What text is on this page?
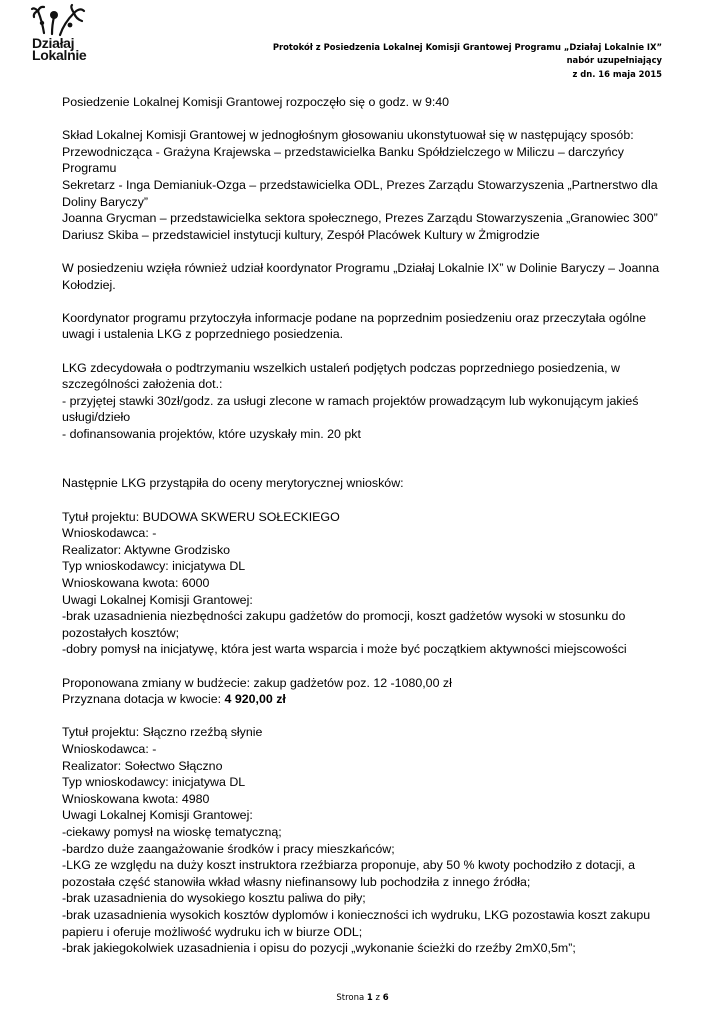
Działaj
Lokalnie	Protokół z Posiedzenia Lokalnej Komisji Grantowej Programu „Działaj Lokalnie IX”
nabór uzupełniający
z dn. 16 maja 2015

Posiedzenie Lokalnej Komisji Grantowej rozpoczęło się o godz. w 9:40

Skład Lokalnej Komisji Grantowej w jednogłośnym głosowaniu ukonstytuował się w następujący sposób:

Przewodnicząca - Grażyna Krajewska – przedstawicielka Banku Spółdzielczego w Miliczu – darczyńcy

Programu

Sekretarz - Inga Demianiuk-Ozga – przedstawicielka ODL, Prezes Zarządu Stowarzyszenia „Partnerstwo dla

Doliny Baryczy”

Joanna Grycman – przedstawicielka sektora społecznego, Prezes Zarządu Stowarzyszenia „Granowiec 300”

Dariusz Skiba – przedstawiciel instytucji kultury, Zespół Placówek Kultury w Żmigrodzie

W posiedzeniu wzięła również udział koordynator Programu „Działaj Lokalnie IX” w Dolinie Baryczy – Joanna

Kołodziej.

Koordynator programu przytoczyła informacje podane na poprzednim posiedzeniu oraz przeczytała ogólne

uwagi i ustalenia LKG z poprzedniego posiedzenia.

LKG zdecydowała o podtrzymaniu wszelkich ustaleń podjętych podczas poprzedniego posiedzenia, w

szczególności założenia dot.:

- przyjętej stawki 30zł/godz. za usługi zlecone w ramach projektów prowadzącym lub wykonującym jakieś

usługi/dzieło

- dofinansowania projektów, które uzyskały min. 20 pkt

Następnie LKG przystąpiła do oceny merytorycznej wniosków:

Tytuł projektu: BUDOWA SKWERU SOŁECKIEGO

Wnioskodawca: -

Realizator: Aktywne Grodzisko

Typ wnioskodawcy: inicjatywa DL

Wnioskowana kwota: 6000

Uwagi Lokalnej Komisji Grantowej:

-brak uzasadnienia niezbędności zakupu gadżetów do promocji, koszt gadżetów wysoki w stosunku do

pozostałych kosztów;

-dobry pomysł na inicjatywę, która jest warta wsparcia i może być początkiem aktywności miejscowości

Proponowana zmiany w budżecie: zakup gadżetów poz. 12 -1080,00 zł

Przyznana dotacja w kwocie: 4 920,00 zł

Tytuł projektu: Słączno rzeźbą słynie

Wnioskodawca: -

Realizator: Sołectwo Słączno

Typ wnioskodawcy: inicjatywa DL

Wnioskowana kwota: 4980

Uwagi Lokalnej Komisji Grantowej:

-ciekawy pomysł na wioskę tematyczną;

-bardzo duże zaangażowanie środków i pracy mieszkańców;

-LKG ze względu na duży koszt instruktora rzeźbiarza proponuje, aby 50 % kwoty pochodziło z dotacji, a

pozostała część stanowiła wkład własny niefinansowy lub pochodziła z innego źródła;

-brak uzasadnienia do wysokiego kosztu paliwa do piły;

-brak uzasadnienia wysokich kosztów dyplomów i konieczności ich wydruku, LKG pozostawia koszt zakupu

papieru i oferuje możliwość wydruku ich w biurze ODL;

-brak jakiegokolwiek uzasadnienia i opisu do pozycji „wykonanie ścieżki do rzeźby 2mX0,5m”;

Strona 1 z 6
